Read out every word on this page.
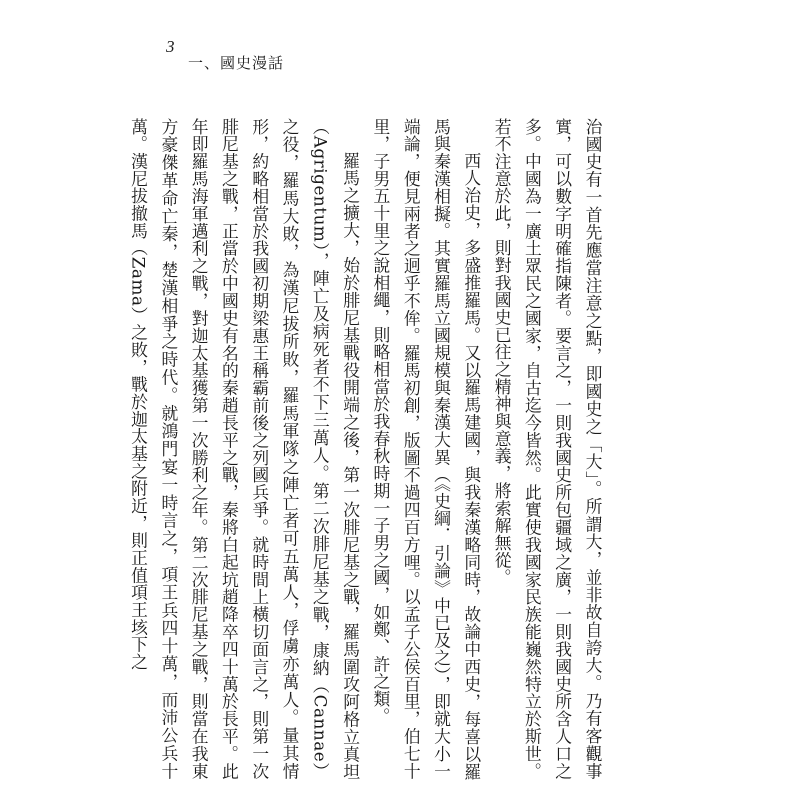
3
一、國史漫話

治國史有一首先應當注意之點，即國史之「大」。所謂大，並非故自誇大。乃有客觀事實，可以數字明確指陳者。要言之，一則我國史所包疆域之廣，一則我國史所含人口之多。中國為一廣土眾民之國家，自古迄今皆然。此實使我國家民族能巍然特立於斯世。若不注意於此，則對我國史已往之精神與意義，將索解無從。

西人治史，多盛推羅馬。又以羅馬建國，與我秦漢略同時，故論中西史，每喜以羅馬與秦漢相擬。其實羅馬立國規模與秦漢大異（《史綱．引論》中已及之），即就大小一端論，便見兩者之迥乎不侔。羅馬初創，版圖不過四百方哩。以孟子公侯百里，伯七十里，子男五十里之說相繩，則略相當於我春秋時期一子男之國，如鄭、許之類。

羅馬之擴大，始於腓尼基戰役開端之後，第一次腓尼基之戰，羅馬圍攻阿格立真坦（Agrigentum），陣亡及病死者不下三萬人。第二次腓尼基之戰，康納（Cannae）之役，羅馬大敗，為漢尼拔所敗，羅馬軍隊之陣亡者可五萬人，俘虜亦萬人。量其情形，約略相當於我國初期梁惠王稱霸前後之列國兵爭。就時間上橫切面言之，則第一次腓尼基之戰，正當於中國史有名的秦趙長平之戰，秦將白起坑趙降卒四十萬於長平。此年即羅馬海軍邁利之戰，對迦太基獲第一次勝利之年。第二次腓尼基之戰，則當在我東方豪傑革命亡秦，楚漢相爭之時代。就鴻門宴一時言之，項王兵四十萬，而沛公兵十萬。漢尼拔撤馬（Zama）之敗，戰於迦太基之附近，則正值項王垓下之
